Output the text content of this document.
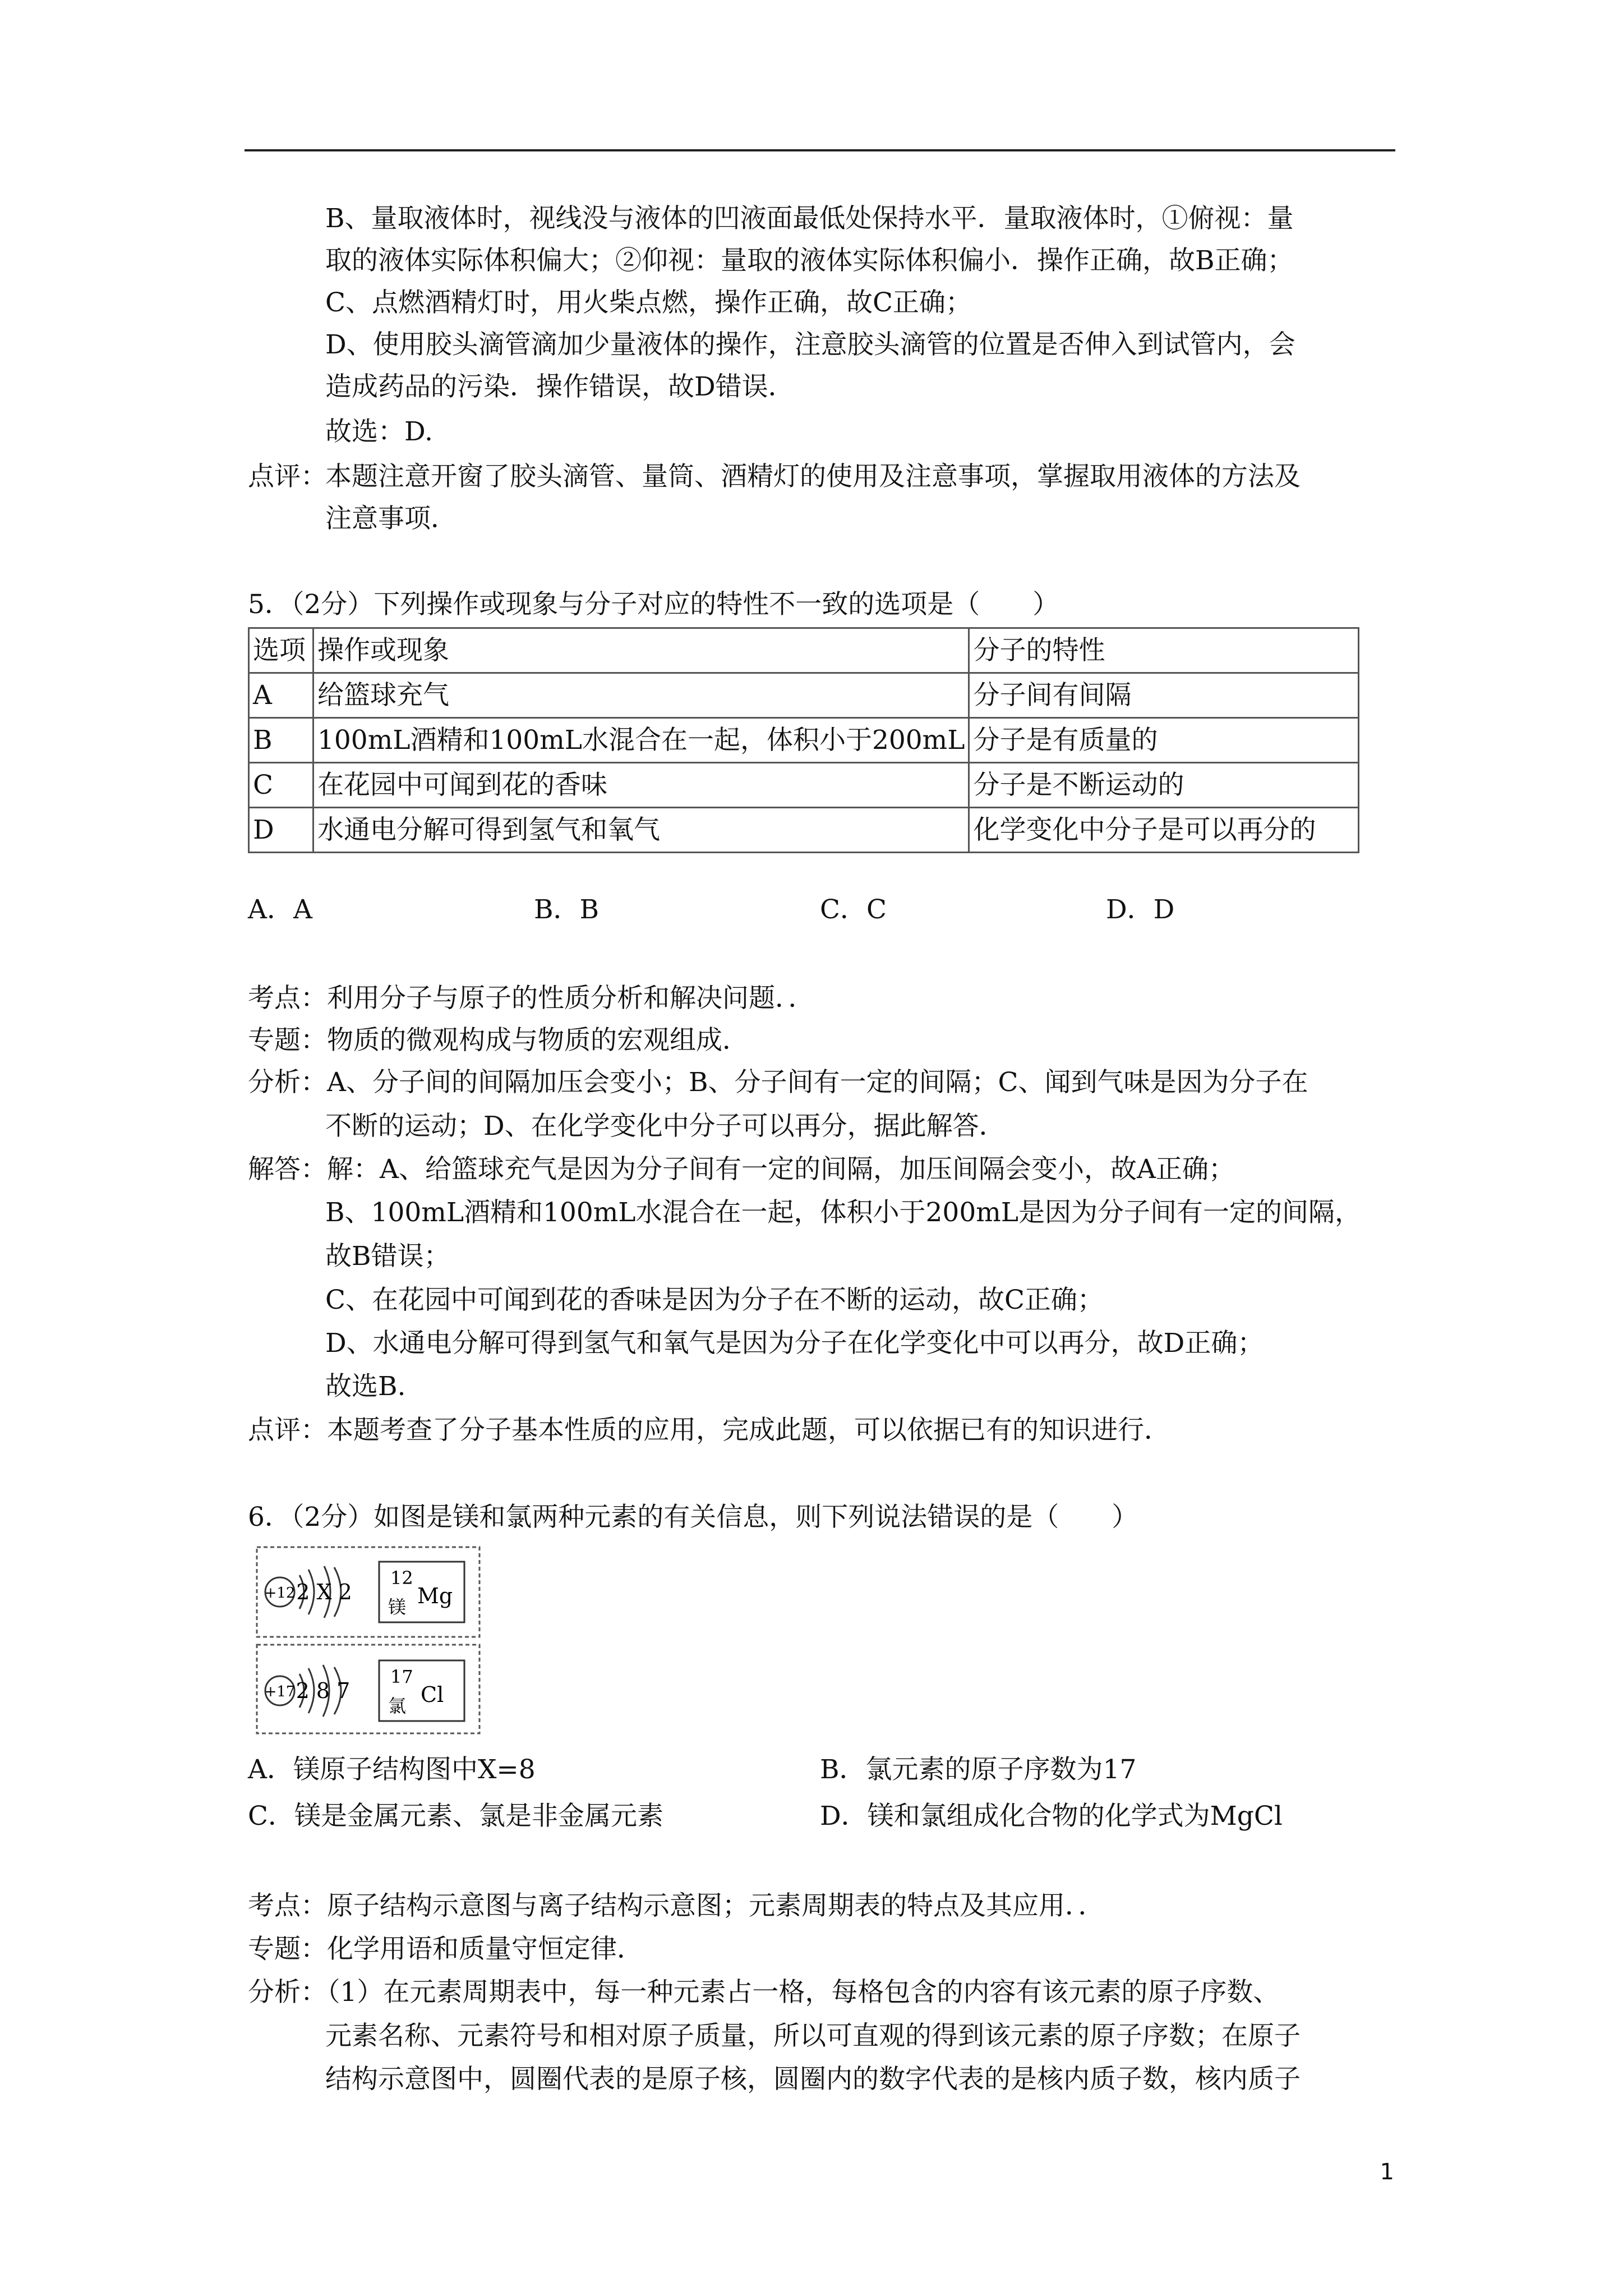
B、量取液体时，视线没与液体的凹液面最低处保持水平．量取液体时，①俯视：量
取的液体实际体积偏大；②仰视：量取的液体实际体积偏小．操作正确，故B正确；
C、点燃酒精灯时，用火柴点燃，操作正确，故C正确；
D、使用胶头滴管滴加少量液体的操作，注意胶头滴管的位置是否伸入到试管内，会
造成药品的污染．操作错误，故D错误．
故选：D.
点评：
本题注意开窗了胶头滴管、量筒、酒精灯的使用及注意事项，掌握取用液体的方法及
注意事项．
5．（2分）下列操作或现象与分子对应的特性不一致的选项是（　　）
选项	操作或现象	分子的特性
A	给篮球充气	分子间有间隔
B	100mL酒精和100mL水混合在一起，体积小于200mL	分子是有质量的
C	在花园中可闻到花的香味	分子是不断运动的
D	水通电分解可得到氢气和氧气	化学变化中分子是可以再分的
A．A	B．B	C．C	D．D
考点：利用分子与原子的性质分析和解决问题．．
专题：物质的微观构成与物质的宏观组成．
分析：A、分子间的间隔加压会变小；B、分子间有一定的间隔；C、闻到气味是因为分子在
不断的运动；D、在化学变化中分子可以再分，据此解答．
解答：解：A、给篮球充气是因为分子间有一定的间隔，加压间隔会变小，故A正确；
B、100mL酒精和100mL水混合在一起，体积小于200mL是因为分子间有一定的间隔，
故B错误；
C、在花园中可闻到花的香味是因为分子在不断的运动，故C正确；
D、水通电分解可得到氢气和氧气是因为分子在化学变化中可以再分，故D正确；
故选B.
点评：本题考查了分子基本性质的应用，完成此题，可以依据已有的知识进行．
6．（2分）如图是镁和氯两种元素的有关信息，则下列说法错误的是（　　）
+12 2 X 2
12
镁 Mg
+17 2 8 7
17
氯 Cl
A．镁原子结构图中X=8	B．氯元素的原子序数为17
C．镁是金属元素、氯是非金属元素	D．镁和氯组成化合物的化学式为MgCl
考点：原子结构示意图与离子结构示意图；元素周期表的特点及其应用．．
专题：化学用语和质量守恒定律．
分析：（1）在元素周期表中，每一种元素占一格，每格包含的内容有该元素的原子序数、
元素名称、元素符号和相对原子质量，所以可直观的得到该元素的原子序数；在原子
结构示意图中，圆圈代表的是原子核，圆圈内的数字代表的是核内质子数，核内质子
1
